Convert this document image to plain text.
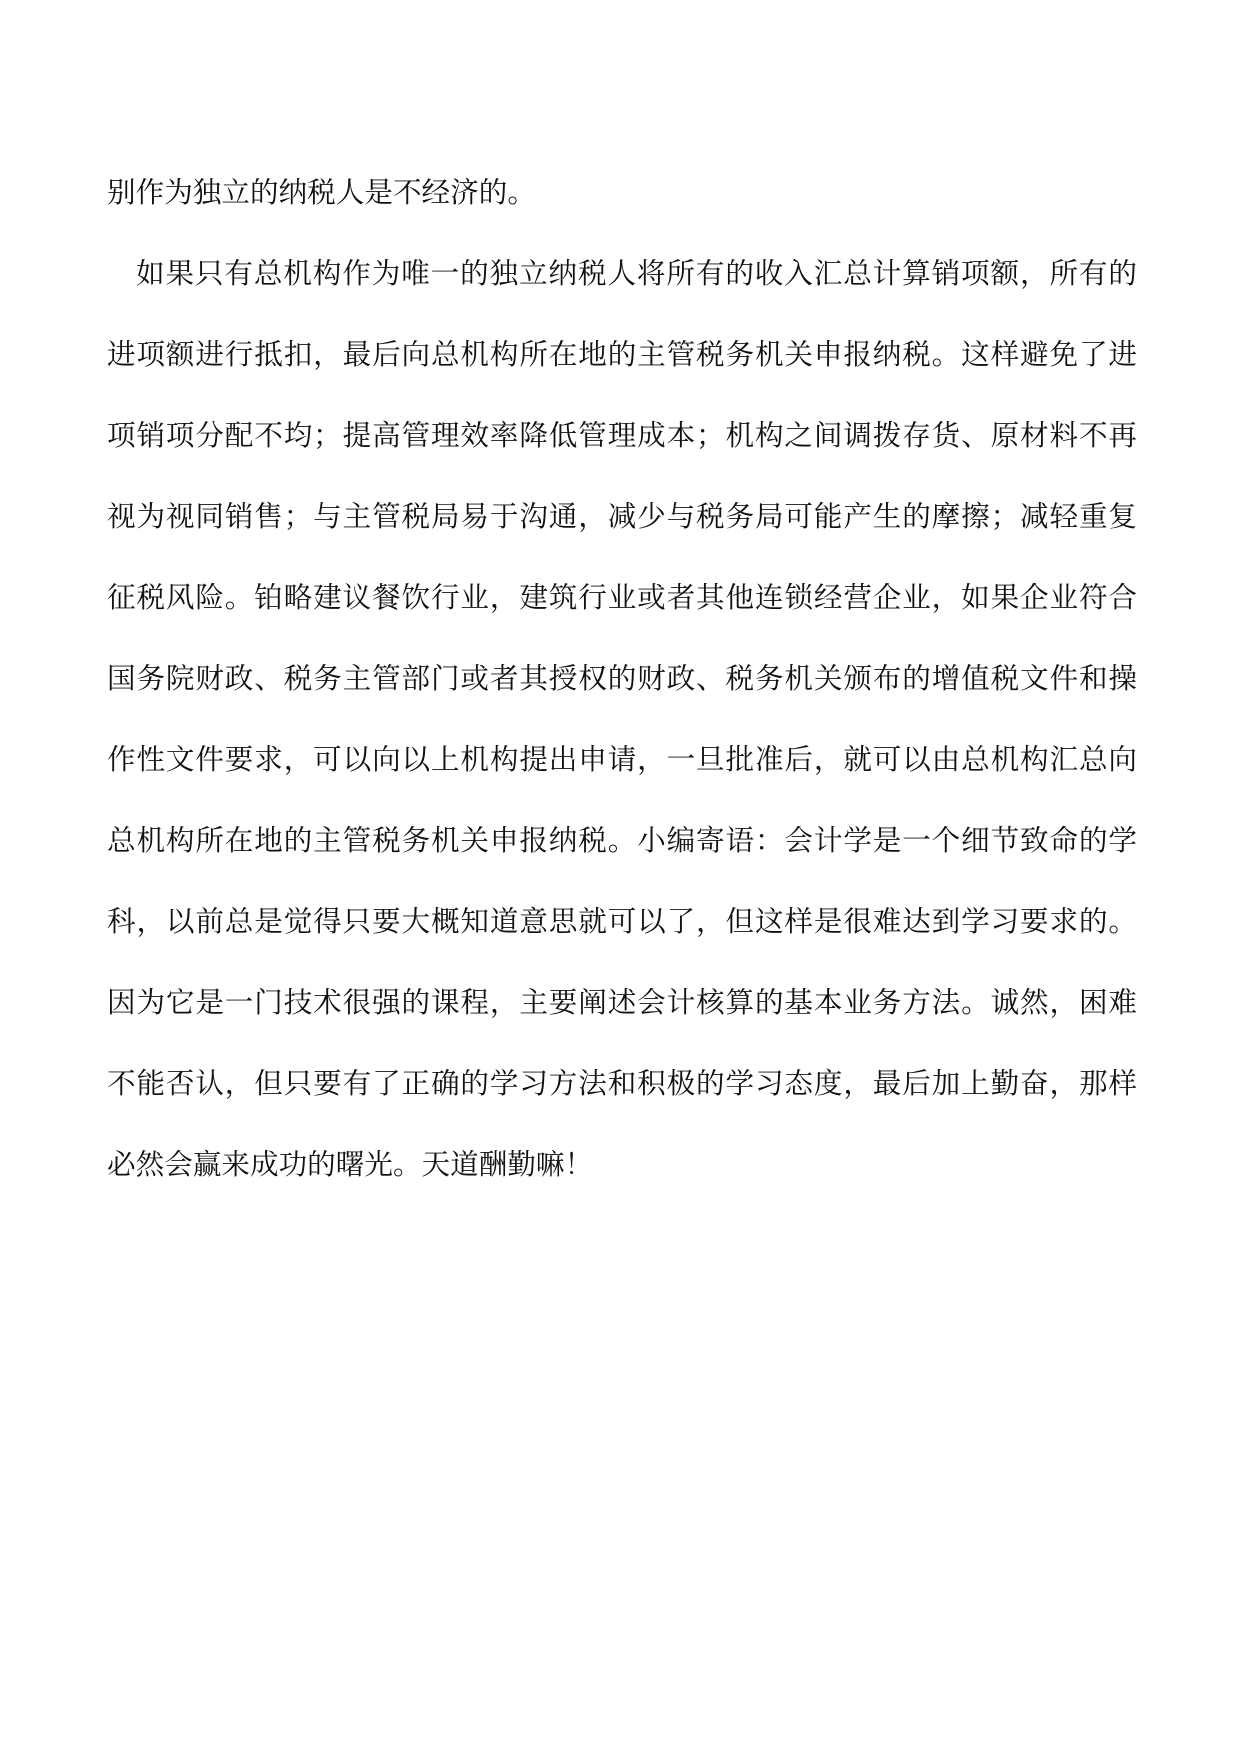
别作为独立的纳税人是不经济的。
如果只有总机构作为唯一的独立纳税人将所有的收入汇总计算销项额，所有的
进项额进行抵扣，最后向总机构所在地的主管税务机关申报纳税。这样避免了进
项销项分配不均；提高管理效率降低管理成本；机构之间调拨存货、原材料不再
视为视同销售；与主管税局易于沟通，减少与税务局可能产生的摩擦；减轻重复
征税风险。铂略建议餐饮行业，建筑行业或者其他连锁经营企业，如果企业符合
国务院财政、税务主管部门或者其授权的财政、税务机关颁布的增值税文件和操
作性文件要求，可以向以上机构提出申请，一旦批准后，就可以由总机构汇总向
总机构所在地的主管税务机关申报纳税。小编寄语：会计学是一个细节致命的学
科，以前总是觉得只要大概知道意思就可以了，但这样是很难达到学习要求的。
因为它是一门技术很强的课程，主要阐述会计核算的基本业务方法。诚然，困难
不能否认，但只要有了正确的学习方法和积极的学习态度，最后加上勤奋，那样
必然会赢来成功的曙光。天道酬勤嘛！
